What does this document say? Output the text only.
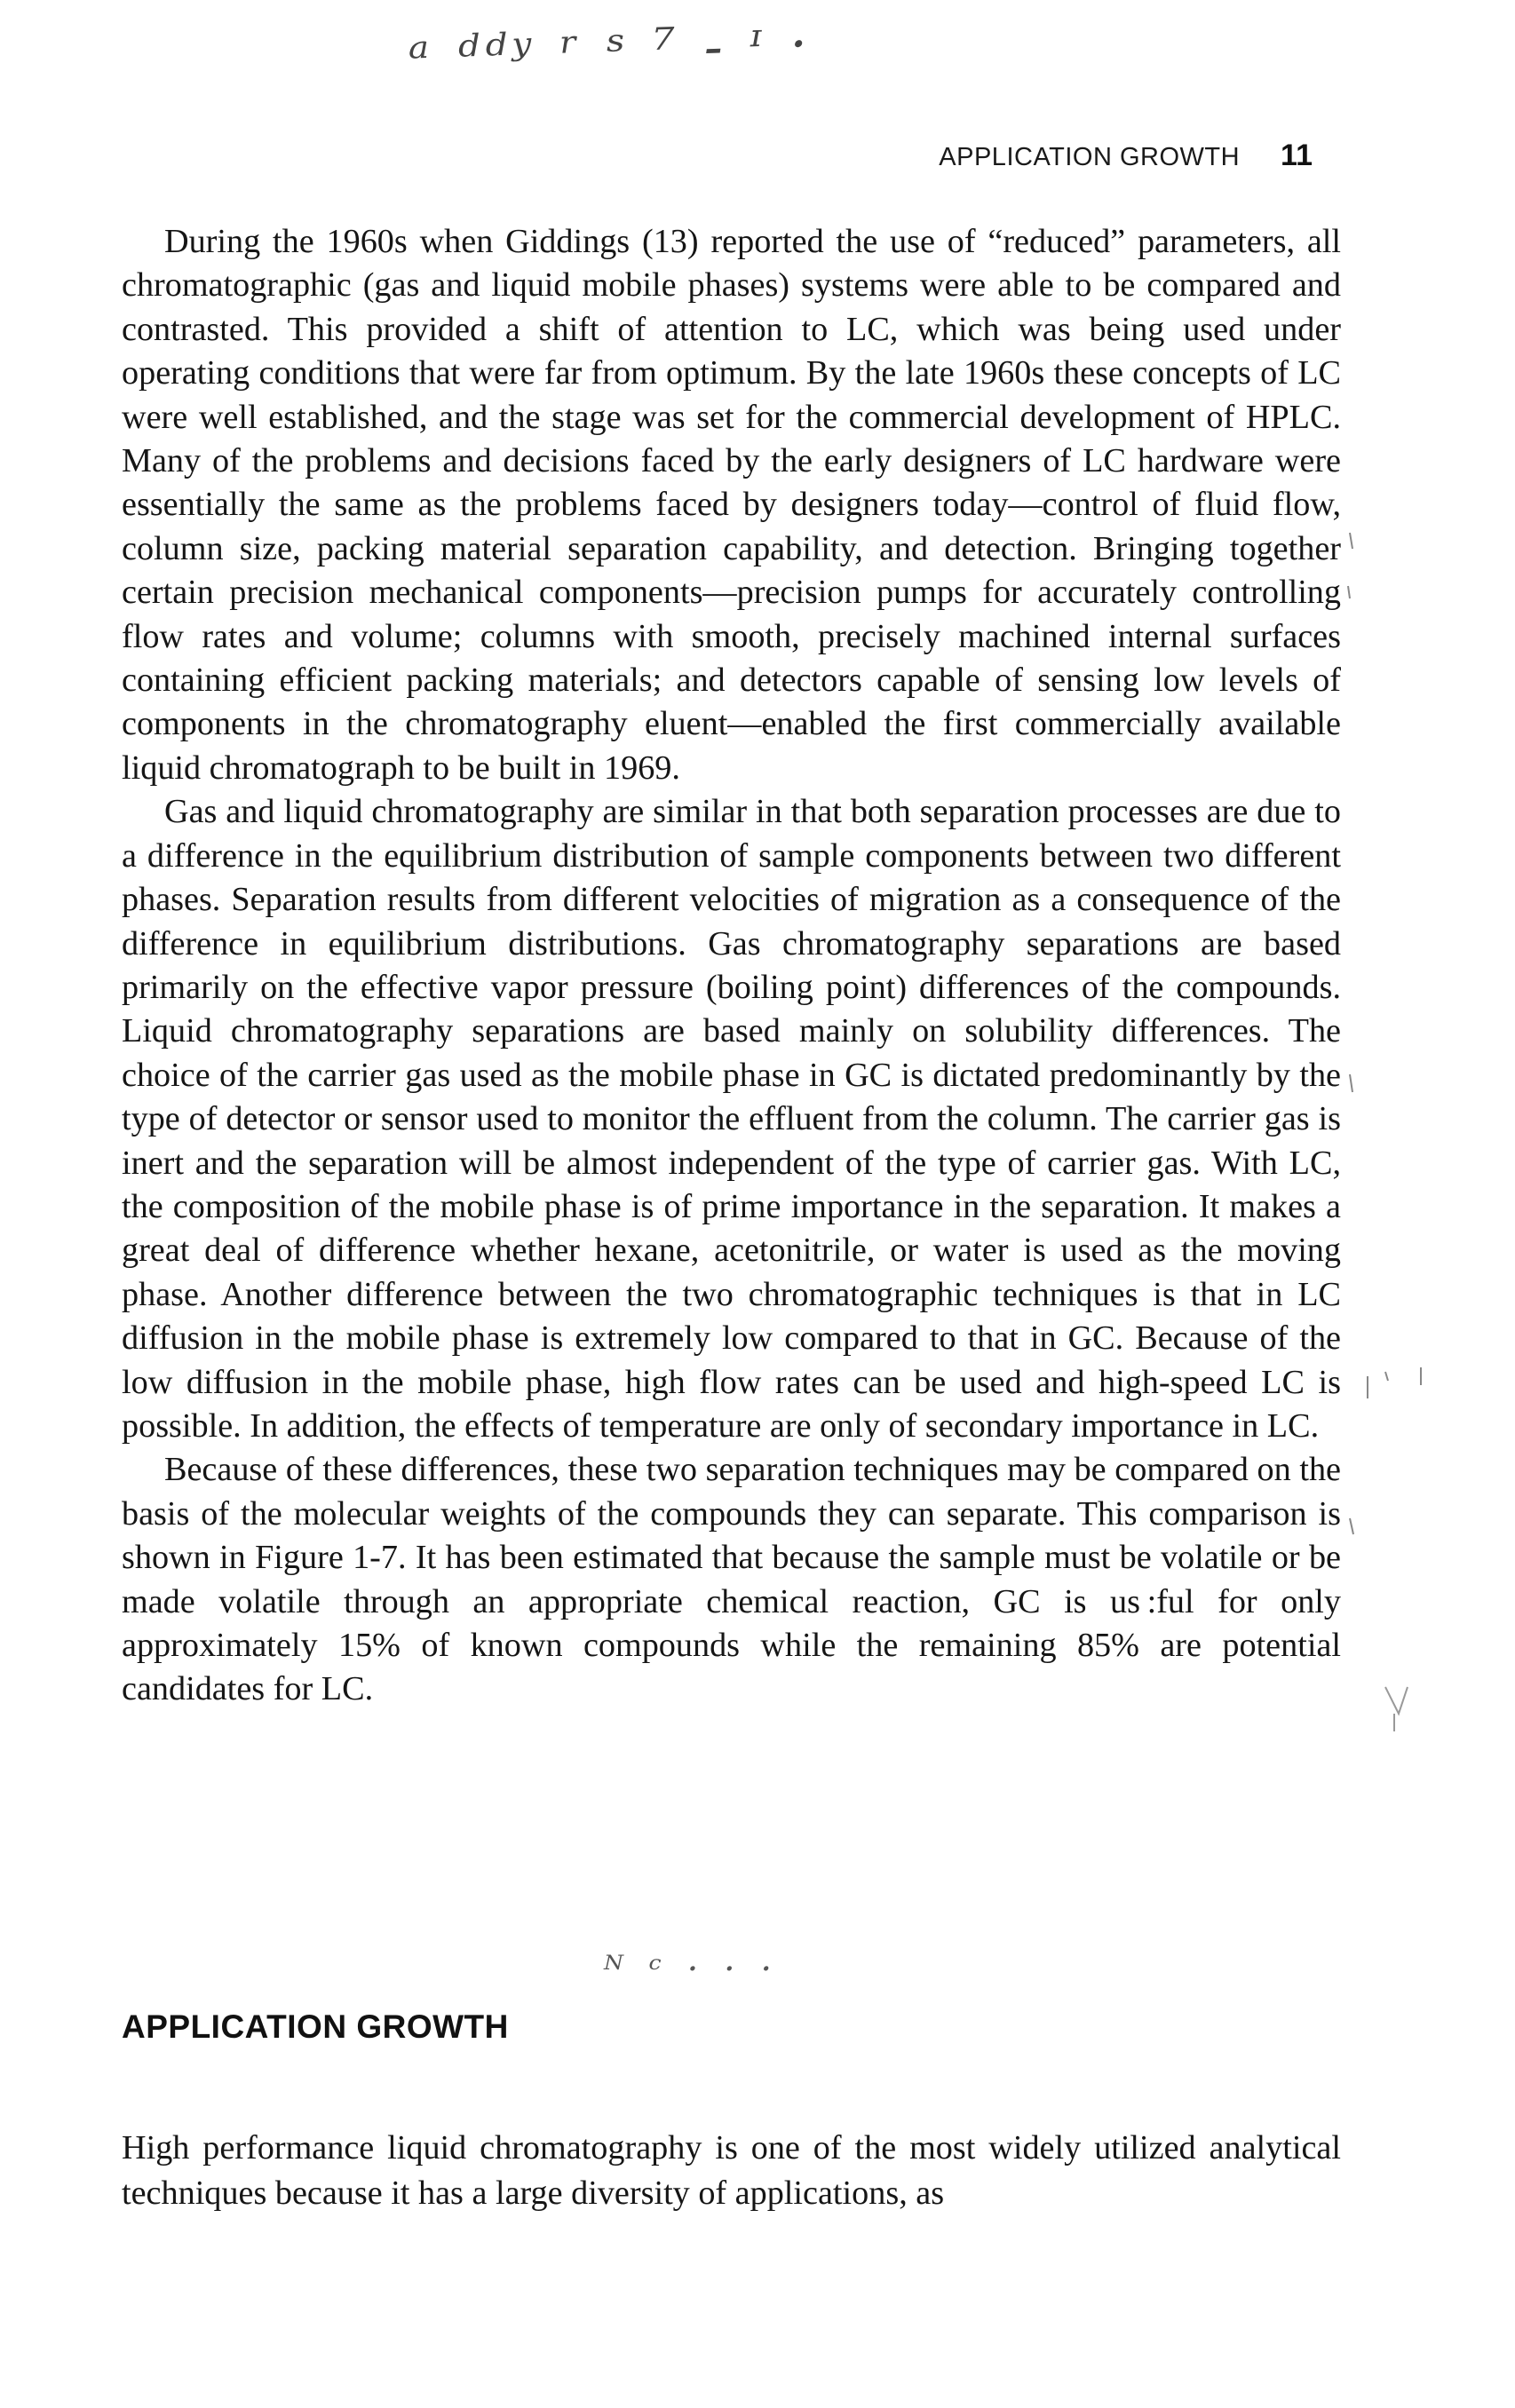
ᵃ ᵈᵈʸ ʳ ˢ ⁷ - ᶦ ·
APPLICATION GROWTH 11

During the 1960s when Giddings (13) reported the use of “reduced” parameters, all chromatographic (gas and liquid mobile phases) systems were able to be compared and contrasted. This provided a shift of attention to LC, which was being used under operating conditions that were far from optimum. By the late 1960s these concepts of LC were well established, and the stage was set for the commercial development of HPLC. Many of the problems and decisions faced by the early designers of LC hardware were essentially the same as the problems faced by designers today—control of fluid flow, column size, packing material separation capability, and detection. Bringing together certain precision mechanical components—precision pumps for accurately controlling flow rates and volume; columns with smooth, precisely machined internal surfaces containing efficient packing materials; and detectors capable of sensing low levels of components in the chromatography eluent—enabled the first commercially available liquid chromatograph to be built in 1969.

Gas and liquid chromatography are similar in that both separation processes are due to a difference in the equilibrium distribution of sample components between two different phases. Separation results from different velocities of migration as a consequence of the difference in equilibrium distributions. Gas chromatography separations are based primarily on the effective vapor pressure (boiling point) differences of the compounds. Liquid chromatography separations are based mainly on solubility differences. The choice of the carrier gas used as the mobile phase in GC is dictated predominantly by the type of detector or sensor used to monitor the effluent from the column. The carrier gas is inert and the separation will be almost independent of the type of carrier gas. With LC, the composition of the mobile phase is of prime importance in the separation. It makes a great deal of difference whether hexane, acetonitrile, or water is used as the moving phase. Another difference between the two chromatographic techniques is that in LC diffusion in the mobile phase is extremely low compared to that in GC. Because of the low diffusion in the mobile phase, high flow rates can be used and high-speed LC is possible. In addition, the effects of temperature are only of secondary importance in LC.

Because of these differences, these two separation techniques may be compared on the basis of the molecular weights of the compounds they can separate. This comparison is shown in Figure 1-7. It has been estimated that because the sample must be volatile or be made volatile through an appropriate chemical reaction, GC is us :ful for only approximately 15% of known compounds while the remaining 85% are potential candidates for LC.

ᴺ ᶜ · · ·
APPLICATION GROWTH

High performance liquid chromatography is one of the most widely utilized analytical techniques because it has a large diversity of applications, as
